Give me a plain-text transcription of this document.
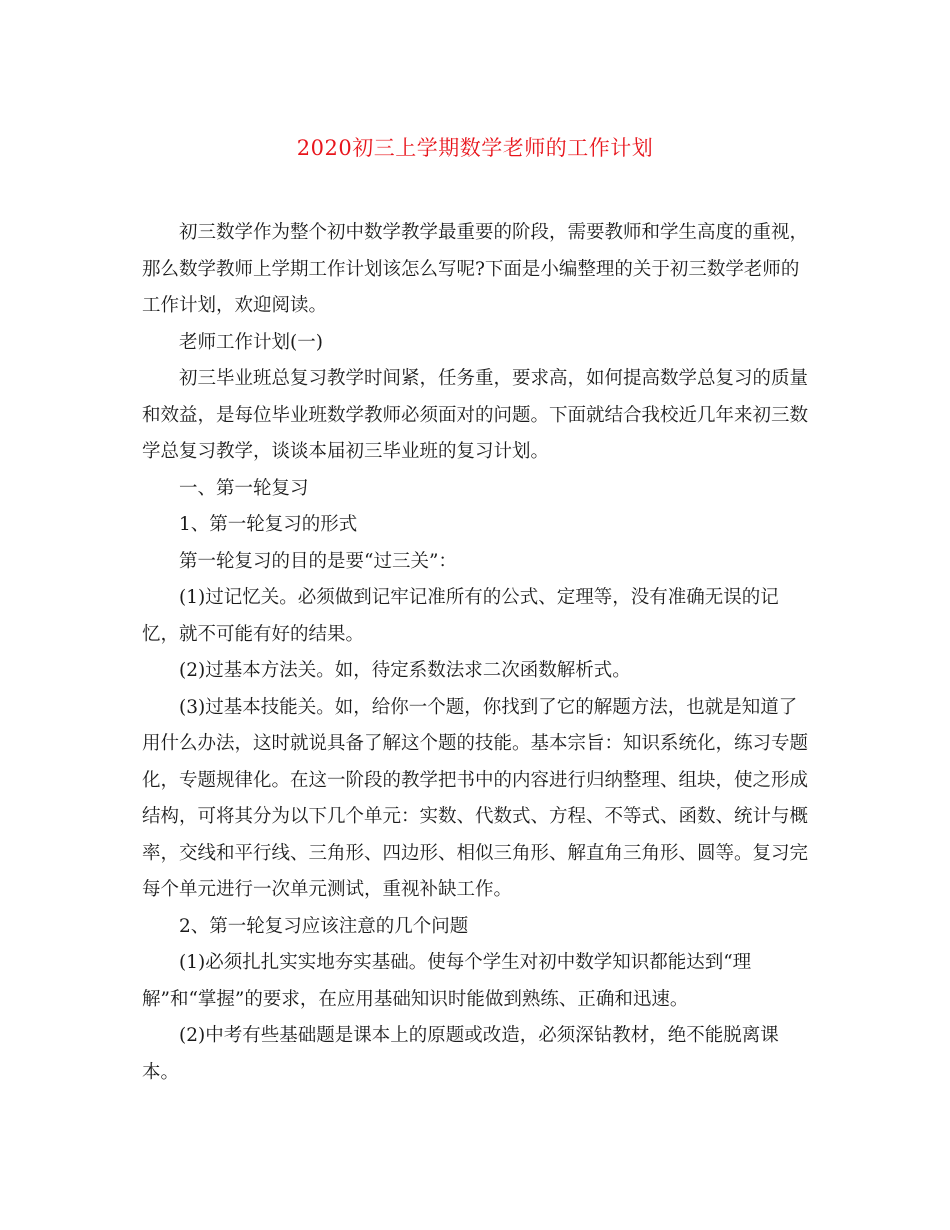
2020初三上学期数学老师的工作计划
初三数学作为整个初中数学教学最重要的阶段，需要教师和学生高度的重视，
那么数学教师上学期工作计划该怎么写呢?下面是小编整理的关于初三数学老师的
工作计划，欢迎阅读。
老师工作计划(一)
初三毕业班总复习教学时间紧，任务重，要求高，如何提高数学总复习的质量
和效益，是每位毕业班数学教师必须面对的问题。下面就结合我校近几年来初三数
学总复习教学，谈谈本届初三毕业班的复习计划。
一、第一轮复习
1、第一轮复习的形式
第一轮复习的目的是要“过三关”：
(1)过记忆关。必须做到记牢记准所有的公式、定理等，没有准确无误的记
忆，就不可能有好的结果。
(2)过基本方法关。如，待定系数法求二次函数解析式。
(3)过基本技能关。如，给你一个题，你找到了它的解题方法，也就是知道了
用什么办法，这时就说具备了解这个题的技能。基本宗旨：知识系统化，练习专题
化，专题规律化。在这一阶段的教学把书中的内容进行归纳整理、组块，使之形成
结构，可将其分为以下几个单元：实数、代数式、方程、不等式、函数、统计与概
率，交线和平行线、三角形、四边形、相似三角形、解直角三角形、圆等。复习完
每个单元进行一次单元测试，重视补缺工作。
2、第一轮复习应该注意的几个问题
(1)必须扎扎实实地夯实基础。使每个学生对初中数学知识都能达到“理
解”和“掌握”的要求，在应用基础知识时能做到熟练、正确和迅速。
(2)中考有些基础题是课本上的原题或改造，必须深钻教材，绝不能脱离课
本。
